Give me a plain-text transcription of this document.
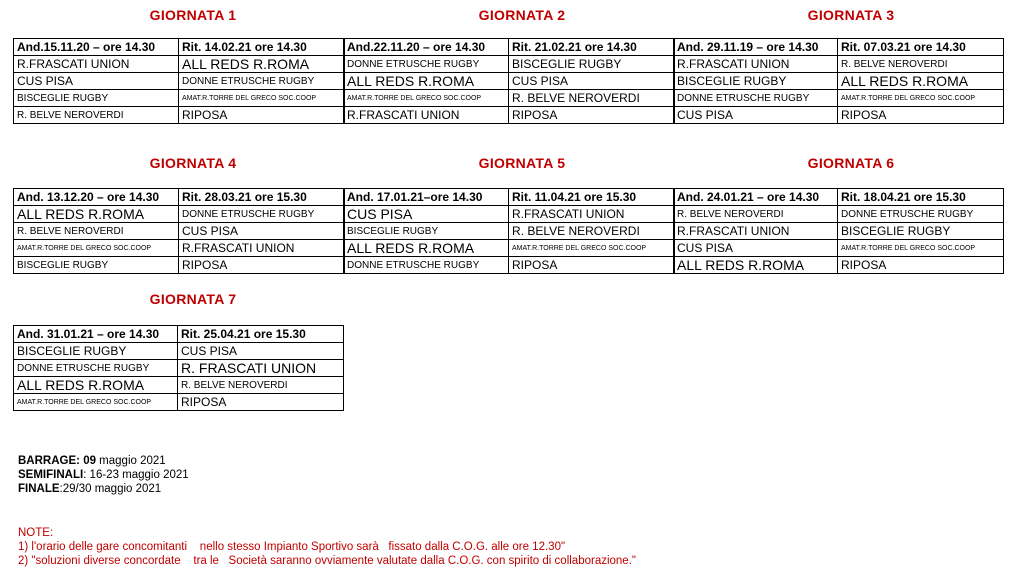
GIORNATA 1	GIORNATA 2	GIORNATA 3
GIORNATA 4	GIORNATA 5	GIORNATA 6
GIORNATA 7
And.15.11.20 – ore 14.30	Rit. 14.02.21 ore 14.30
R.FRASCATI UNION	ALL REDS R.ROMA
CUS PISA	DONNE ETRUSCHE RUGBY
BISCEGLIE RUGBY	AMAT.R.TORRE DEL GRECO SOC.COOP
R. BELVE NEROVERDI	RIPOSA
And.22.11.20 – ore 14.30	Rit. 21.02.21 ore 14.30
DONNE ETRUSCHE RUGBY	BISCEGLIE RUGBY
ALL REDS R.ROMA	CUS PISA
AMAT.R.TORRE DEL GRECO SOC.COOP	R. BELVE NEROVERDI
R.FRASCATI UNION	RIPOSA
And. 29.11.19 – ore 14.30	Rit. 07.03.21 ore 14.30
R.FRASCATI UNION	R. BELVE NEROVERDI
BISCEGLIE RUGBY	ALL REDS R.ROMA
DONNE ETRUSCHE RUGBY	AMAT.R.TORRE DEL GRECO SOC.COOP
CUS PISA	RIPOSA
And. 13.12.20 – ore 14.30	Rit. 28.03.21 ore 15.30
ALL REDS R.ROMA	DONNE ETRUSCHE RUGBY
R. BELVE NEROVERDI	CUS PISA
AMAT.R.TORRE DEL GRECO SOC.COOP	R.FRASCATI UNION
BISCEGLIE RUGBY	RIPOSA
And. 17.01.21–ore 14.30	Rit. 11.04.21 ore 15.30
CUS PISA	R.FRASCATI UNION
BISCEGLIE RUGBY	R. BELVE NEROVERDI
ALL REDS R.ROMA	AMAT.R.TORRE DEL GRECO SOC.COOP
DONNE ETRUSCHE RUGBY	RIPOSA
And. 24.01.21 – ore 14.30	Rit. 18.04.21 ore 15.30
R. BELVE NEROVERDI	DONNE ETRUSCHE RUGBY
R.FRASCATI UNION	BISCEGLIE RUGBY
CUS PISA	AMAT.R.TORRE DEL GRECO SOC.COOP
ALL REDS R.ROMA	RIPOSA
And. 31.01.21 – ore 14.30	Rit. 25.04.21 ore 15.30
BISCEGLIE RUGBY	CUS PISA
DONNE ETRUSCHE RUGBY	R. FRASCATI UNION
ALL REDS R.ROMA	R. BELVE NEROVERDI
AMAT.R.TORRE DEL GRECO SOC.COOP	RIPOSA
BARRAGE: 09 maggio 2021
SEMIFINALI: 16-23 maggio 2021
FINALE:29/30 maggio 2021
NOTE:
1) l'orario delle gare concomitanti    nello stesso Impianto Sportivo sarà   fissato dalla C.O.G. alle ore 12.30"
2) "soluzioni diverse concordate    tra le   Società saranno ovviamente valutate dalla C.O.G. con spirito di collaborazione."
